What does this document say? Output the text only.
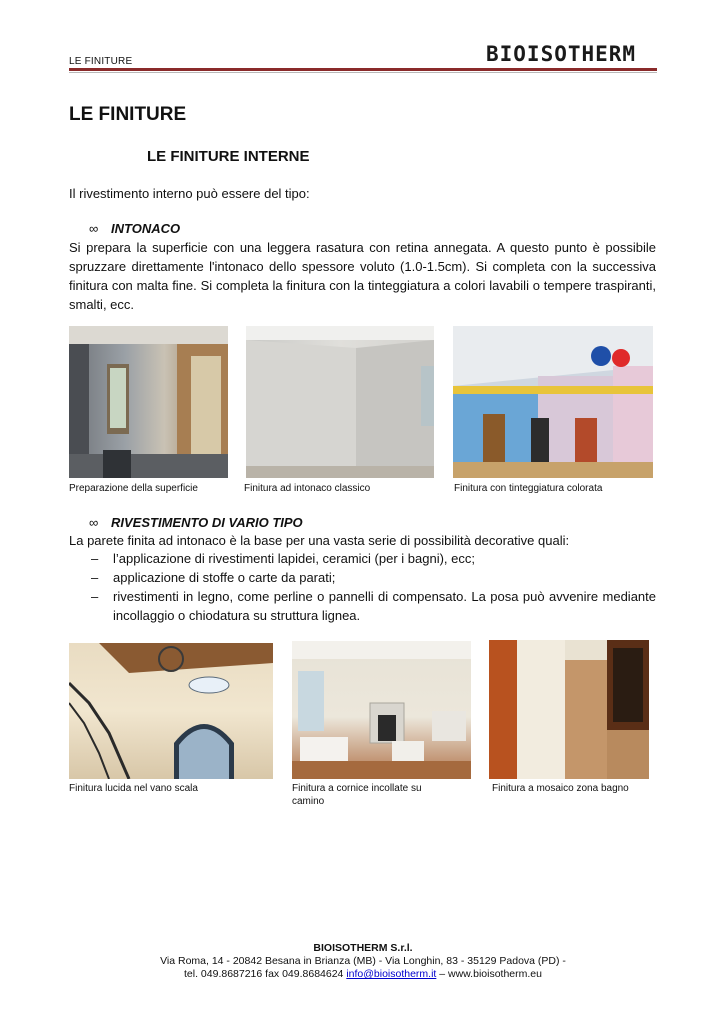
LE FINITURE	BIOISOTHERM
LE FINITURE
LE FINITURE INTERNE
Il rivestimento interno può essere del tipo:
∞ INTONACO
Si prepara la superficie con una leggera rasatura con retina annegata. A questo punto è possibile spruzzare direttamente l'intonaco dello spessore voluto (1.0-1.5cm). Si completa con la successiva finitura con malta fine. Si completa la finitura con la tinteggiatura a colori lavabili o tempere traspiranti, smalti, ecc.
Preparazione della superficie	Finitura ad intonaco classico	Finitura con tinteggiatura colorata
∞ RIVESTIMENTO DI VARIO TIPO
La parete finita ad intonaco è la base per una vasta serie di possibilità decorative quali:
– l’applicazione di rivestimenti lapidei, ceramici (per i bagni), ecc;
– applicazione di stoffe o carte da parati;
– rivestimenti in legno, come perline o pannelli di compensato. La posa può avvenire mediante incollaggio o chiodatura su struttura lignea.
Finitura lucida nel vano scala	Finitura a cornice incollate su camino
Finitura a mosaico zona bagno
BIOISOTHERM S.r.l.
Via Roma, 14 - 20842 Besana in Brianza (MB) - Via Longhin, 83 - 35129 Padova (PD) -
tel. 049.8687216 fax 049.8684624 info@bioisotherm.it – www.bioisotherm.eu
